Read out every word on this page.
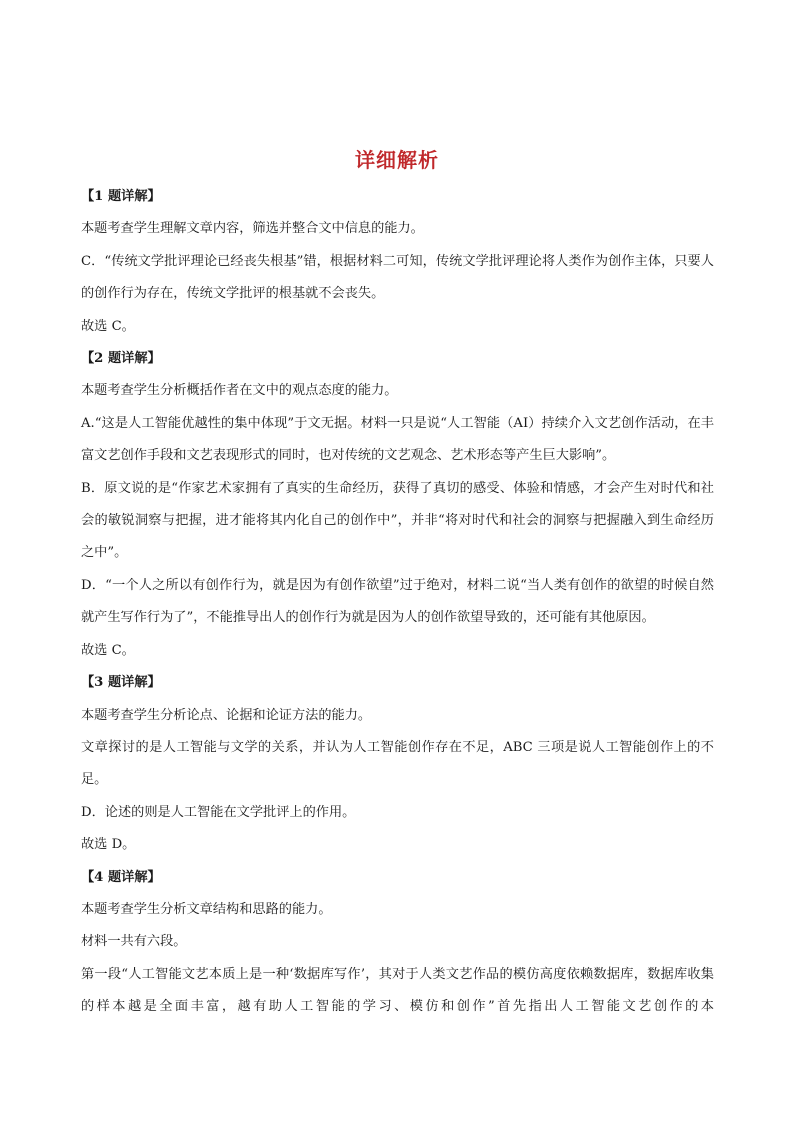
详细解析

【1 题详解】

本题考查学生理解文章内容，筛选并整合文中信息的能力。

C．“传统文学批评理论已经丧失根基”错，根据材料二可知，传统文学批评理论将人类作为创作主体，只要人的创作行为存在，传统文学批评的根基就不会丧失。

故选 C。

【2 题详解】

本题考查学生分析概括作者在文中的观点态度的能力。

A.“这是人工智能优越性的集中体现”于文无据。材料一只是说“人工智能（AI）持续介入文艺创作活动，在丰富文艺创作手段和文艺表现形式的同时，也对传统的文艺观念、艺术形态等产生巨大影响”。

B．原文说的是“作家艺术家拥有了真实的生命经历，获得了真切的感受、体验和情感，才会产生对时代和社会的敏锐洞察与把握，进才能将其内化自己的创作中”，并非“将对时代和社会的洞察与把握融入到生命经历之中”。

D．“一个人之所以有创作行为，就是因为有创作欲望”过于绝对，材料二说“当人类有创作的欲望的时候自然就产生写作行为了”，不能推导出人的创作行为就是因为人的创作欲望导致的，还可能有其他原因。

故选 C。

【3 题详解】

本题考查学生分析论点、论据和论证方法的能力。

文章探讨的是人工智能与文学的关系，并认为人工智能创作存在不足，ABC 三项是说人工智能创作上的不足。

D．论述的则是人工智能在文学批评上的作用。

故选 D。

【4 题详解】

本题考查学生分析文章结构和思路的能力。

材料一共有六段。

第一段“人工智能文艺本质上是一种‘数据库写作’，其对于人类文艺作品的模仿高度依赖数据库，数据库收集的样本越是全面丰富，越有助人工智能的学习、模仿和创作”首先指出人工智能文艺创作的本
